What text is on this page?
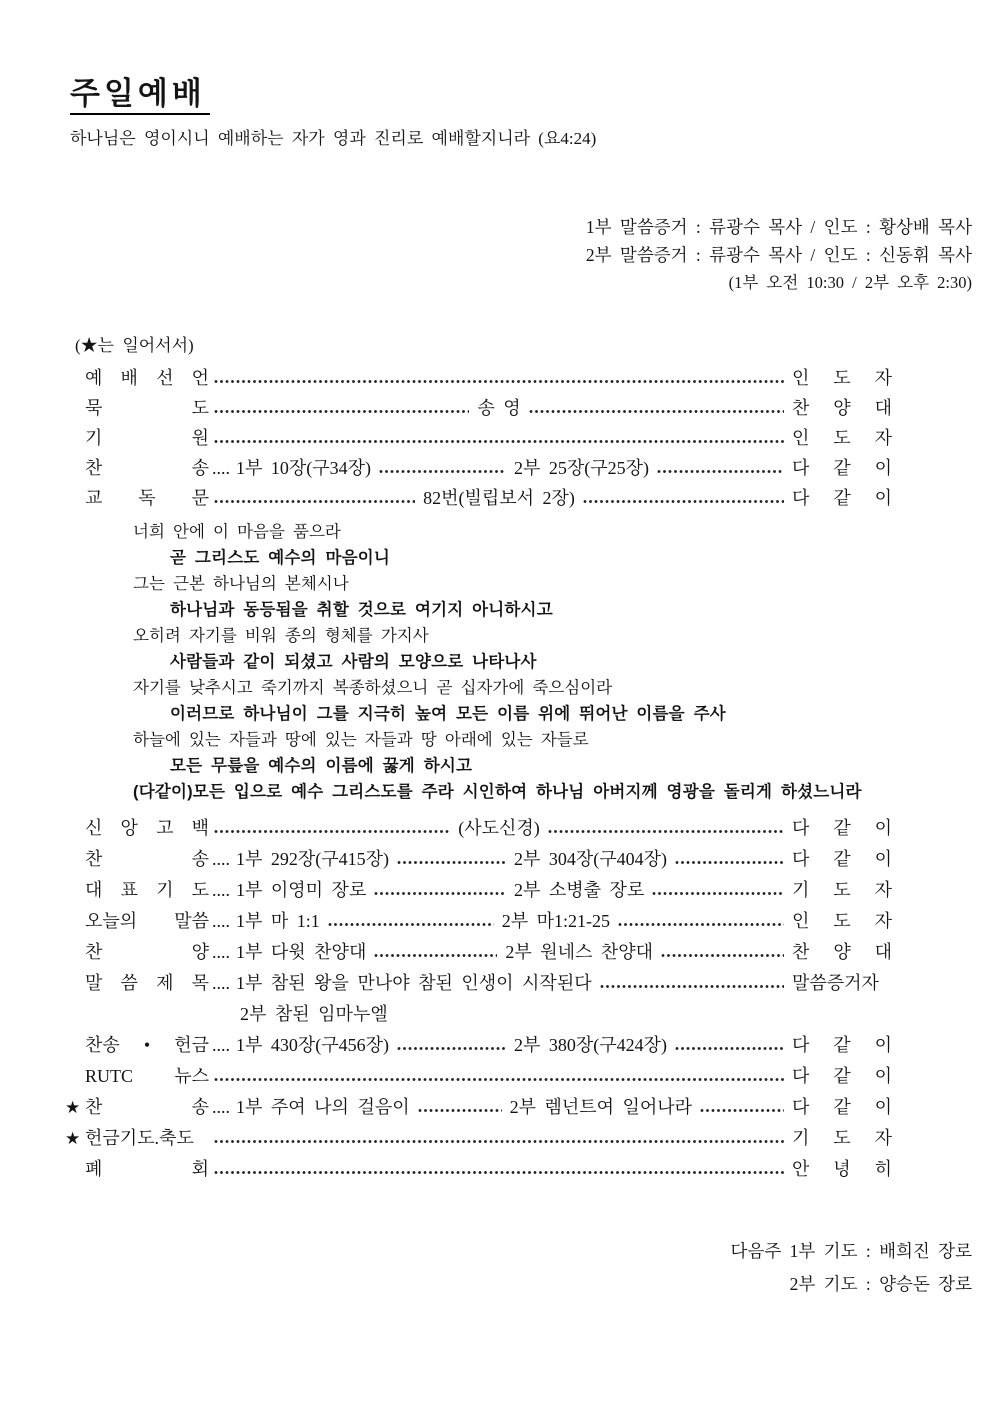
주일예배

하나님은 영이시니 예배하는 자가 영과 진리로 예배할지니라 (요4:24)

1부 말씀증거 : 류광수 목사 / 인도 : 황상배 목사
2부 말씀증거 : 류광수 목사 / 인도 : 신동휘 목사
(1부 오전 10:30 / 2부 오후 2:30)
(★는 일어서서)
예 배 선 언	인 도 자
묵 도	송 영	찬 양 대
기 원	인 도 자
찬 송 .... 1부 10장(구34장)	2부 25장(구25장)	다 같 이
교 독 문	82번(빌립보서 2장)	다 같 이
너희 안에 이 마음을 품으라
곧 그리스도 예수의 마음이니
그는 근본 하나님의 본체시나
하나님과 동등됨을 취할 것으로 여기지 아니하시고
오히려 자기를 비워 종의 형체를 가지사
사람들과 같이 되셨고 사람의 모양으로 나타나사
자기를 낮추시고 죽기까지 복종하셨으니 곧 십자가에 죽으심이라
이러므로 하나님이 그를 지극히 높여 모든 이름 위에 뛰어난 이름을 주사
하늘에 있는 자들과 땅에 있는 자들과 땅 아래에 있는 자들로
모든 무릎을 예수의 이름에 꿇게 하시고
(다같이)모든 입으로 예수 그리스도를 주라 시인하여 하나님 아버지께 영광을 돌리게 하셨느니라
신 앙 고 백	(사도신경)	다 같 이
찬 송 .... 1부 292장(구415장)	2부 304장(구404장)	다 같 이
대 표 기 도 .... 1부 이영미 장로	2부 소병출 장로	기 도 자
오늘의 말씀 .... 1부 마 1:1	2부 마1:21-25	인 도 자
찬 양 .... 1부 다윗 찬양대	2부 원네스 찬양대	찬 양 대
말 씀 제 목 .... 1부 참된 왕을 만나야 참된 인생이 시작된다	말씀증거자
2부 참된 임마누엘
찬송 • 헌금 .... 1부 430장(구456장)	2부 380장(구424장)	다 같 이
RUTC 뉴스	다 같 이
★ 찬 송 .... 1부 주여 나의 걸음이	2부 렘넌트여 일어나라	다 같 이
★ 헌금기도.축도	기 도 자
폐 회	안 녕 히
다음주 1부 기도 : 배희진 장로
2부 기도 : 양승돈 장로
